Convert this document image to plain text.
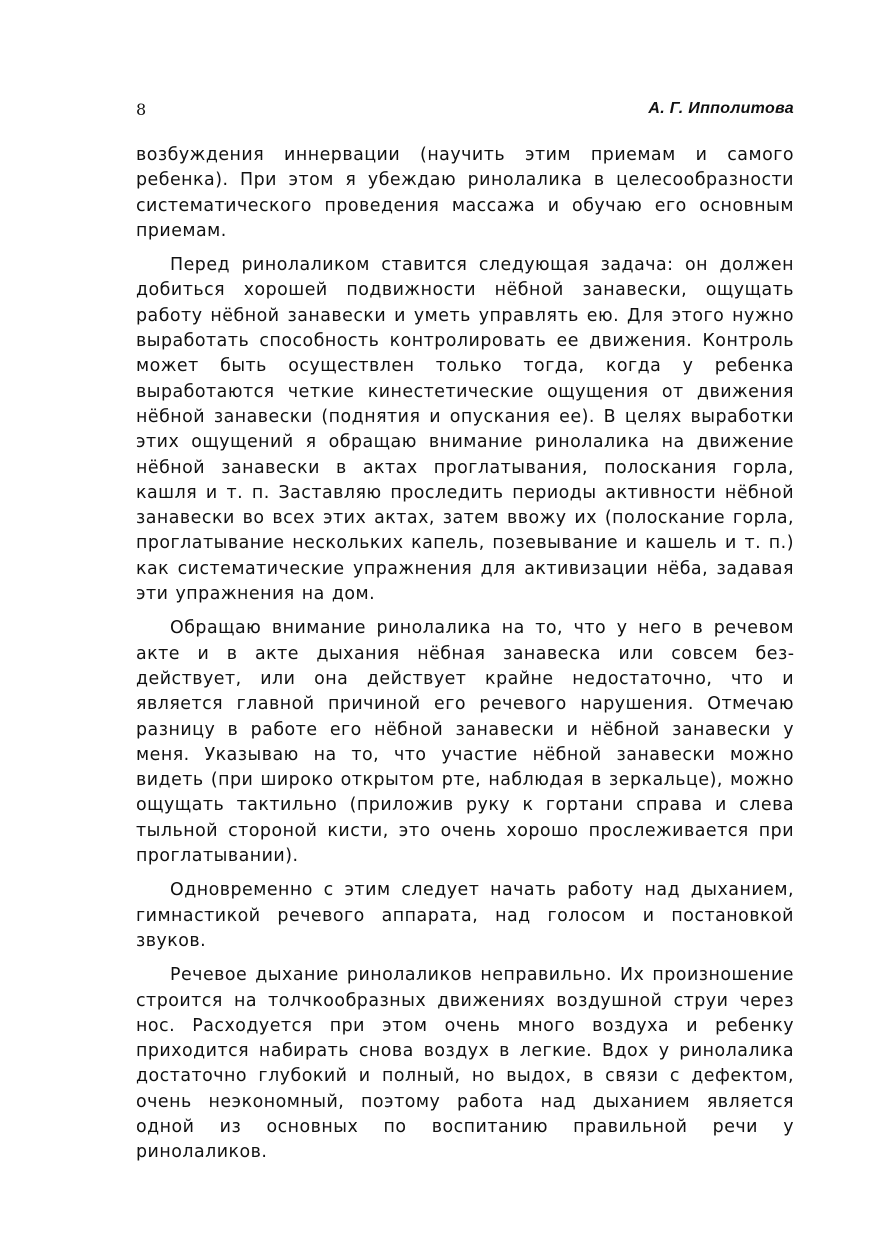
8	А. Г. Ипполитова

возбуждения иннервации (научить этим приемам и самого ребенка). При этом я убеждаю ринолалика в целесообразности систематического проведения массажа и обучаю его основным приемам.

Перед ринолаликом ставится следующая задача: он должен добиться хорошей подвижности нёбной занавески, ощущать работу нёбной занавески и уметь управлять ею. Для этого нужно выработать способность контролировать ее движения. Контроль может быть осуществлен только тогда, когда у ребенка выработаются четкие кинестетические ощущения от движения нёбной занавески (поднятия и опускания ее). В целях выработки этих ощущений я обращаю внимание ринолалика на движение нёбной занавески в актах проглатывания, полоскания горла, кашля и т. п. Заставляю проследить периоды активности нёбной занавески во всех этих актах, затем ввожу их (полоскание горла, проглатывание нескольких капель, позевывание и кашель и т. п.) как систематические упражнения для активизации нёба, задавая эти упражнения на дом.

Обращаю внимание ринолалика на то, что у него в речевом акте и в акте дыхания нёбная занавеска или совсем бездействует, или она действует крайне недостаточно, что и является главной причиной его речевого нарушения. Отмечаю разницу в работе его нёбной занавески и нёбной занавески у меня. Указываю на то, что участие нёбной занавески можно видеть (при широко открытом рте, наблюдая в зеркальце), можно ощущать тактильно (приложив руку к гортани справа и слева тыльной стороной кисти, это очень хорошо прослеживается при проглатывании).

Одновременно с этим следует начать работу над дыханием, гимнастикой речевого аппарата, над голосом и постановкой звуков.

Речевое дыхание ринолаликов неправильно. Их произношение строится на толчкообразных движениях воздушной струи через нос. Расходуется при этом очень много воздуха и ребенку приходится набирать снова воздух в легкие. Вдох у ринолалика достаточно глубокий и полный, но выдох, в связи с дефектом, очень неэкономный, поэтому работа над дыханием является одной из основных по воспитанию правильной речи у ринолаликов.
